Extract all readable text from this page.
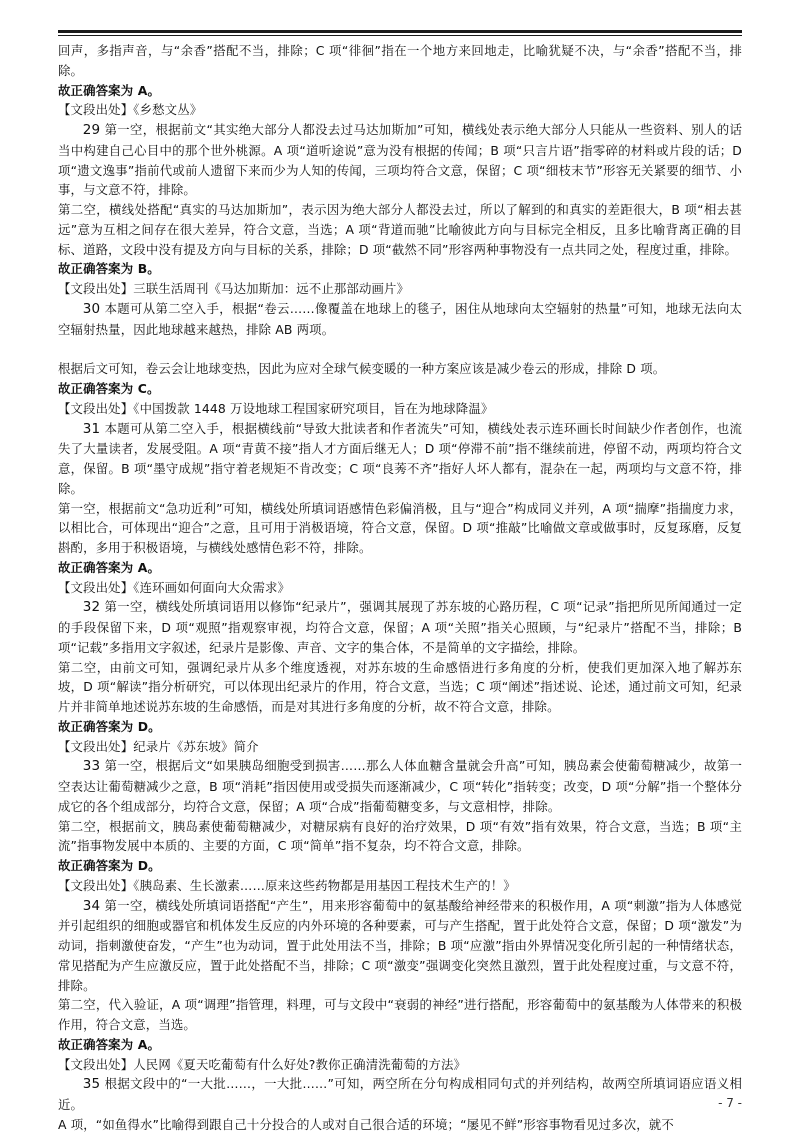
回声，多指声音，与“余香”搭配不当，排除；C 项“徘徊”指在一个地方来回地走，比喻犹疑不决，与“余香”搭配不当，排除。

故正确答案为 A。

【文段出处】《乡愁文丛》

29 第一空，根据前文“其实绝大部分人都没去过马达加斯加”可知，横线处表示绝大部分人只能从一些资料、别人的话当中构建自己心目中的那个世外桃源。A 项“道听途说”意为没有根据的传闻；B 项“只言片语”指零碎的材料或片段的话；D 项“遗文逸事”指前代或前人遗留下来而少为人知的传闻，三项均符合文意，保留；C 项“细枝末节”形容无关紧要的细节、小事，与文意不符，排除。

第二空，横线处搭配“真实的马达加斯加”，表示因为绝大部分人都没去过，所以了解到的和真实的差距很大，B 项“相去甚远”意为互相之间存在很大差异，符合文意，当选；A 项“背道而驰”比喻彼此方向与目标完全相反，且多比喻背离正确的目标、道路，文段中没有提及方向与目标的关系，排除；D 项“截然不同”形容两种事物没有一点共同之处，程度过重，排除。

故正确答案为 B。

【文段出处】三联生活周刊《马达加斯加：远不止那部动画片》

30 本题可从第二空入手，根据“卷云……像覆盖在地球上的毯子，困住从地球向太空辐射的热量”可知，地球无法向太空辐射热量，因此地球越来越热，排除 AB 两项。

根据后文可知，卷云会让地球变热，因此为应对全球气候变暖的一种方案应该是减少卷云的形成，排除 D 项。

故正确答案为 C。

【文段出处】《中国拨款 1448 万设地球工程国家研究项目，旨在为地球降温》

31 本题可从第二空入手，根据横线前“导致大批读者和作者流失”可知，横线处表示连环画长时间缺少作者创作，也流失了大量读者，发展受阻。A 项“青黄不接”指人才方面后继无人；D 项“停滞不前”指不继续前进，停留不动，两项均符合文意，保留。B 项“墨守成规”指守着老规矩不肯改变；C 项“良莠不齐”指好人坏人都有，混杂在一起，两项均与文意不符，排除。

第一空，根据前文“急功近利”可知，横线处所填词语感情色彩偏消极，且与“迎合”构成同义并列，A 项“揣摩”指揣度力求，以相比合，可体现出“迎合”之意，且可用于消极语境，符合文意，保留。D 项“推敲”比喻做文章或做事时，反复琢磨，反复斟酌，多用于积极语境，与横线处感情色彩不符，排除。

故正确答案为 A。

【文段出处】《连环画如何面向大众需求》

32 第一空，横线处所填词语用以修饰“纪录片”，强调其展现了苏东坡的心路历程，C 项“记录”指把所见所闻通过一定的手段保留下来，D 项“观照”指观察审视，均符合文意，保留；A 项“关照”指关心照顾，与“纪录片”搭配不当，排除；B 项“记载”多指用文字叙述，纪录片是影像、声音、文字的集合体，不是简单的文字描绘，排除。

第二空，由前文可知，强调纪录片从多个维度透视，对苏东坡的生命感悟进行多角度的分析，使我们更加深入地了解苏东坡，D 项“解读”指分析研究，可以体现出纪录片的作用，符合文意，当选；C 项“阐述”指述说、论述，通过前文可知，纪录片并非简单地述说苏东坡的生命感悟，而是对其进行多角度的分析，故不符合文意，排除。

故正确答案为 D。

【文段出处】纪录片《苏东坡》简介

33 第一空，根据后文“如果胰岛细胞受到损害……那么人体血糖含量就会升高”可知，胰岛素会使葡萄糖减少，故第一空表达让葡萄糖减少之意，B 项“消耗”指因使用或受损失而逐渐减少，C 项“转化”指转变；改变，D 项“分解”指一个整体分成它的各个组成部分，均符合文意，保留；A 项“合成”指葡萄糖变多，与文意相悖，排除。

第二空，根据前文，胰岛素使葡萄糖减少，对糖尿病有良好的治疗效果，D 项“有效”指有效果，符合文意，当选；B 项“主流”指事物发展中本质的、主要的方面，C 项“简单”指不复杂，均不符合文意，排除。

故正确答案为 D。

【文段出处】《胰岛素、生长激素……原来这些药物都是用基因工程技术生产的！》

34 第一空，横线处所填词语搭配“产生”，用来形容葡萄中的氨基酸给神经带来的积极作用，A 项“刺激”指为人体感觉并引起组织的细胞或器官和机体发生反应的内外环境的各种要素，可与产生搭配，置于此处符合文意，保留；D 项“激发”为动词，指刺激使奋发，“产生”也为动词，置于此处用法不当，排除；B 项“应激”指由外界情况变化所引起的一种情绪状态，常见搭配为产生应激反应，置于此处搭配不当，排除；C 项“激变”强调变化突然且激烈，置于此处程度过重，与文意不符，排除。

第二空，代入验证，A 项“调理”指管理，料理，可与文段中“衰弱的神经”进行搭配，形容葡萄中的氨基酸为人体带来的积极作用，符合文意，当选。

故正确答案为 A。

【文段出处】人民网《夏天吃葡萄有什么好处?教你正确清洗葡萄的方法》

35 根据文段中的“一大批……，一大批……”可知，两空所在分句构成相同句式的并列结构，故两空所填词语应语义相近。

A 项，“如鱼得水”比喻得到跟自己十分投合的人或对自己很合适的环境；“屡见不鲜”形容事物看见过多次，就不

- 7 -
